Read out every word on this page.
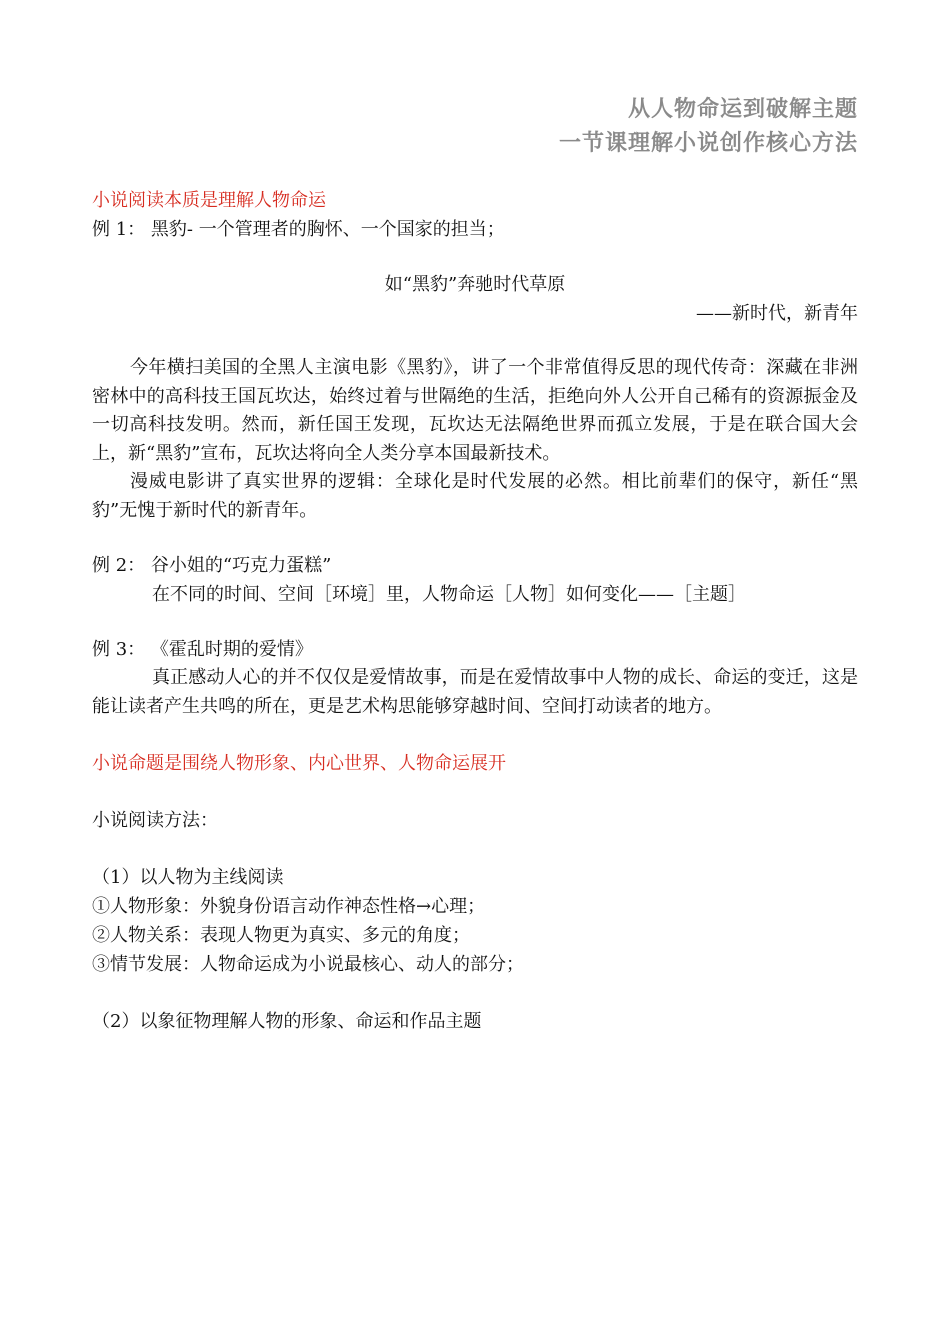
从人物命运到破解主题
一节课理解小说创作核心方法
小说阅读本质是理解人物命运
例 1： 黑豹- 一个管理者的胸怀、一个国家的担当；
如“黑豹”奔驰时代草原
——新时代，新青年
今年横扫美国的全黑人主演电影《黑豹》，讲了一个非常值得反思的现代传奇：深藏在非洲密林中的高科技王国瓦坎达，始终过着与世隔绝的生活，拒绝向外人公开自己稀有的资源振金及一切高科技发明。然而，新任国王发现，瓦坎达无法隔绝世界而孤立发展，于是在联合国大会上，新“黑豹”宣布，瓦坎达将向全人类分享本国最新技术。
漫威电影讲了真实世界的逻辑：全球化是时代发展的必然。相比前辈们的保守，新任“黑豹”无愧于新时代的新青年。
例 2： 谷小姐的“巧克力蛋糕”
在不同的时间、空间［环境］里，人物命运［人物］如何变化——［主题］
例 3： 《霍乱时期的爱情》
真正感动人心的并不仅仅是爱情故事，而是在爱情故事中人物的成长、命运的变迁，这是能让读者产生共鸣的所在，更是艺术构思能够穿越时间、空间打动读者的地方。
小说命题是围绕人物形象、内心世界、人物命运展开
小说阅读方法：
（1）以人物为主线阅读
①人物形象：外貌身份语言动作神态性格→心理；
②人物关系：表现人物更为真实、多元的角度；
③情节发展：人物命运成为小说最核心、动人的部分；
（2）以象征物理解人物的形象、命运和作品主题
